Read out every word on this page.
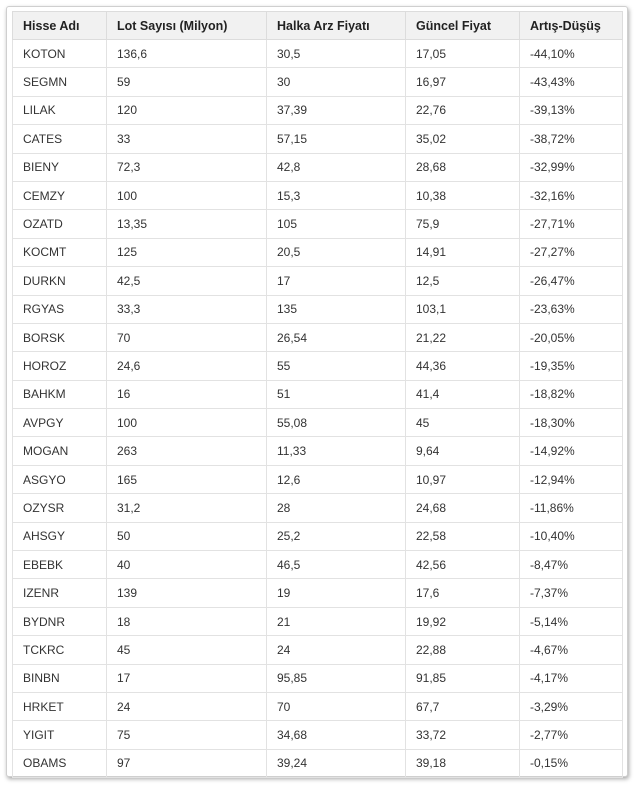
Hisse Adı	Lot Sayısı (Milyon)	Halka Arz Fiyatı	Güncel Fiyat	Artış-Düşüş
KOTON	136,6	30,5	17,05	-44,10%
SEGMN	59	30	16,97	-43,43%
LILAK	120	37,39	22,76	-39,13%
CATES	33	57,15	35,02	-38,72%
BIENY	72,3	42,8	28,68	-32,99%
CEMZY	100	15,3	10,38	-32,16%
OZATD	13,35	105	75,9	-27,71%
KOCMT	125	20,5	14,91	-27,27%
DURKN	42,5	17	12,5	-26,47%
RGYAS	33,3	135	103,1	-23,63%
BORSK	70	26,54	21,22	-20,05%
HOROZ	24,6	55	44,36	-19,35%
BAHKM	16	51	41,4	-18,82%
AVPGY	100	55,08	45	-18,30%
MOGAN	263	11,33	9,64	-14,92%
ASGYO	165	12,6	10,97	-12,94%
OZYSR	31,2	28	24,68	-11,86%
AHSGY	50	25,2	22,58	-10,40%
EBEBK	40	46,5	42,56	-8,47%
IZENR	139	19	17,6	-7,37%
BYDNR	18	21	19,92	-5,14%
TCKRC	45	24	22,88	-4,67%
BINBN	17	95,85	91,85	-4,17%
HRKET	24	70	67,7	-3,29%
YIGIT	75	34,68	33,72	-2,77%
OBAMS	97	39,24	39,18	-0,15%
